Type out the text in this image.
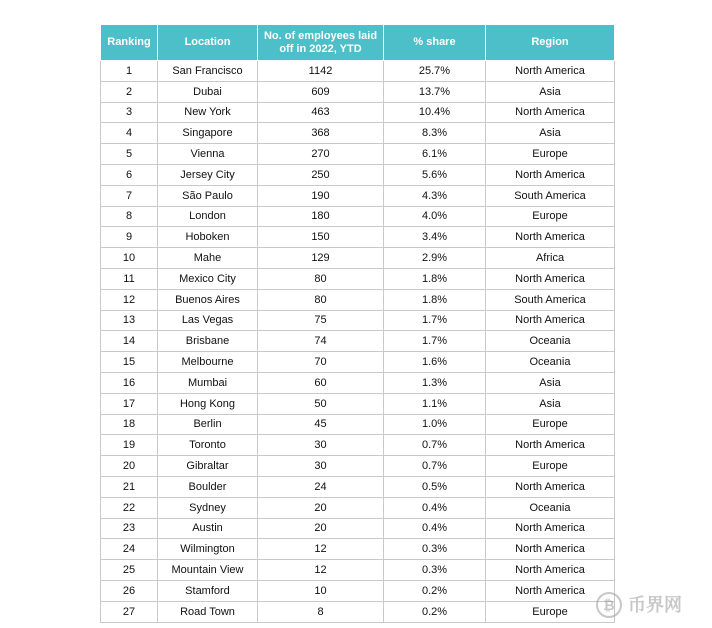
Ranking	Location	No. of employees laid off in 2022, YTD	% share	Region
1	San Francisco	1142	25.7%	North America
2	Dubai	609	13.7%	Asia
3	New York	463	10.4%	North America
4	Singapore	368	8.3%	Asia
5	Vienna	270	6.1%	Europe
6	Jersey City	250	5.6%	North America
7	São Paulo	190	4.3%	South America
8	London	180	4.0%	Europe
9	Hoboken	150	3.4%	North America
10	Mahe	129	2.9%	Africa
11	Mexico City	80	1.8%	North America
12	Buenos Aires	80	1.8%	South America
13	Las Vegas	75	1.7%	North America
14	Brisbane	74	1.7%	Oceania
15	Melbourne	70	1.6%	Oceania
16	Mumbai	60	1.3%	Asia
17	Hong Kong	50	1.1%	Asia
18	Berlin	45	1.0%	Europe
19	Toronto	30	0.7%	North America
20	Gibraltar	30	0.7%	Europe
21	Boulder	24	0.5%	North America
22	Sydney	20	0.4%	Oceania
23	Austin	20	0.4%	North America
24	Wilmington	12	0.3%	North America
25	Mountain View	12	0.3%	North America
26	Stamford	10	0.2%	North America
27	Road Town	8	0.2%	Europe	₿ 币界网
